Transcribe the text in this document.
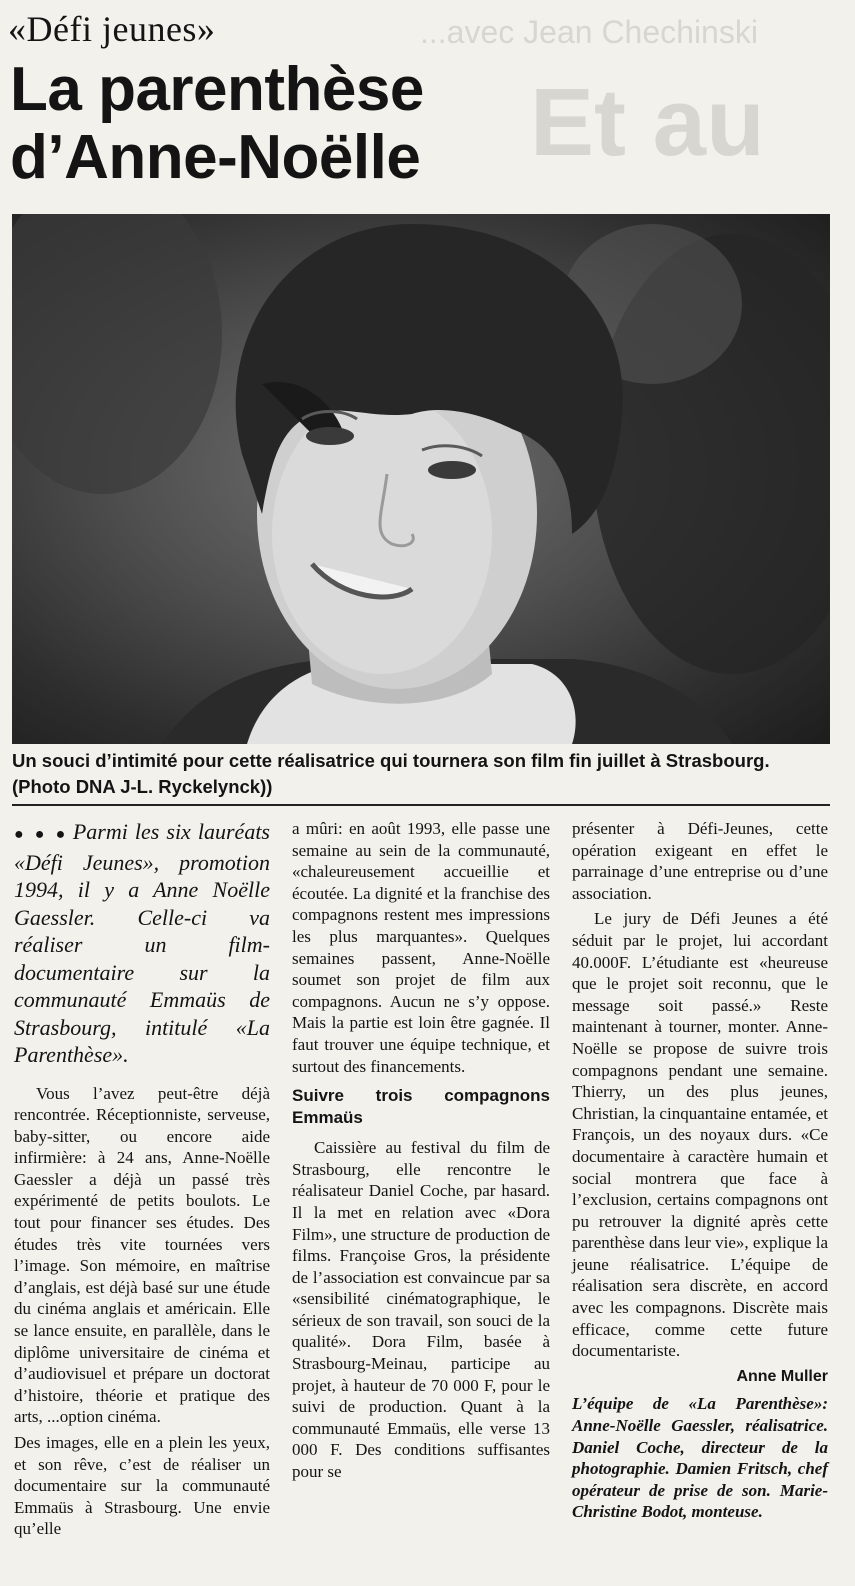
...avec Jean Chechinski
Et au
«Défi jeunes»
La parenthèse
d’Anne-Noëlle
Un souci d’intimité pour cette réalisatrice qui tournera son film fin juillet à Strasbourg. (Photo DNA J-L. Ryckelynck))

● ● ● Parmi les six lauréats «Défi Jeunes», promotion 1994, il y a Anne Noëlle Gaessler. Celle-ci va réaliser un film-documentaire sur la communauté Emmaüs de Strasbourg, intitulé «La Parenthèse».

Vous l’avez peut-être déjà rencontrée. Réceptionniste, serveuse, baby-sitter, ou encore aide infirmière: à 24 ans, Anne-Noëlle Gaessler a déjà un passé très expérimenté de petits boulots. Le tout pour financer ses études. Des études très vite tournées vers l’image. Son mémoire, en maîtrise d’anglais, est déjà basé sur une étude du cinéma anglais et américain. Elle se lance ensuite, en parallèle, dans le diplôme universitaire de cinéma et d’audiovisuel et prépare un doctorat d’histoire, théorie et pratique des arts, ...option cinéma.

Des images, elle en a plein les yeux, et son rêve, c’est de réaliser un documentaire sur la communauté Emmaüs à Strasbourg. Une envie qu’elle

a mûri: en août 1993, elle passe une semaine au sein de la communauté, «chaleureusement accueillie et écoutée. La dignité et la franchise des compagnons restent mes impressions les plus marquantes». Quelques semaines passent, Anne-Noëlle soumet son projet de film aux compagnons. Aucun ne s’y oppose. Mais la partie est loin être gagnée. Il faut trouver une équipe technique, et surtout des financements.

Suivre trois compagnons Emmaüs

Caissière au festival du film de Strasbourg, elle rencontre le réalisateur Daniel Coche, par hasard. Il la met en relation avec «Dora Film», une structure de production de films. Françoise Gros, la présidente de l’association est convaincue par sa «sensibilité cinématographique, le sérieux de son travail, son souci de la qualité». Dora Film, basée à Strasbourg-Meinau, participe au projet, à hauteur de 70 000 F, pour le suivi de production. Quant à la communauté Emmaüs, elle verse 13 000 F. Des conditions suffisantes pour se

présenter à Défi-Jeunes, cette opération exigeant en effet le parrainage d’une entreprise ou d’une association.

Le jury de Défi Jeunes a été séduit par le projet, lui accordant 40.000F. L’étudiante est «heureuse que le projet soit reconnu, que le message soit passé.» Reste maintenant à tourner, monter. Anne-Noëlle se propose de suivre trois compagnons pendant une semaine. Thierry, un des plus jeunes, Christian, la cinquantaine entamée, et François, un des noyaux durs. «Ce documentaire à caractère humain et social montrera que face à l’exclusion, certains compagnons ont pu retrouver la dignité après cette parenthèse dans leur vie», explique la jeune réalisatrice. L’équipe de réalisation sera discrète, en accord avec les compagnons. Discrète mais efficace, comme cette future documentariste.

Anne Muller

L’équipe de «La Parenthèse»: Anne-Noëlle Gaessler, réalisatrice. Daniel Coche, directeur de la photographie. Damien Fritsch, chef opérateur de prise de son. Marie-Christine Bodot, monteuse.
